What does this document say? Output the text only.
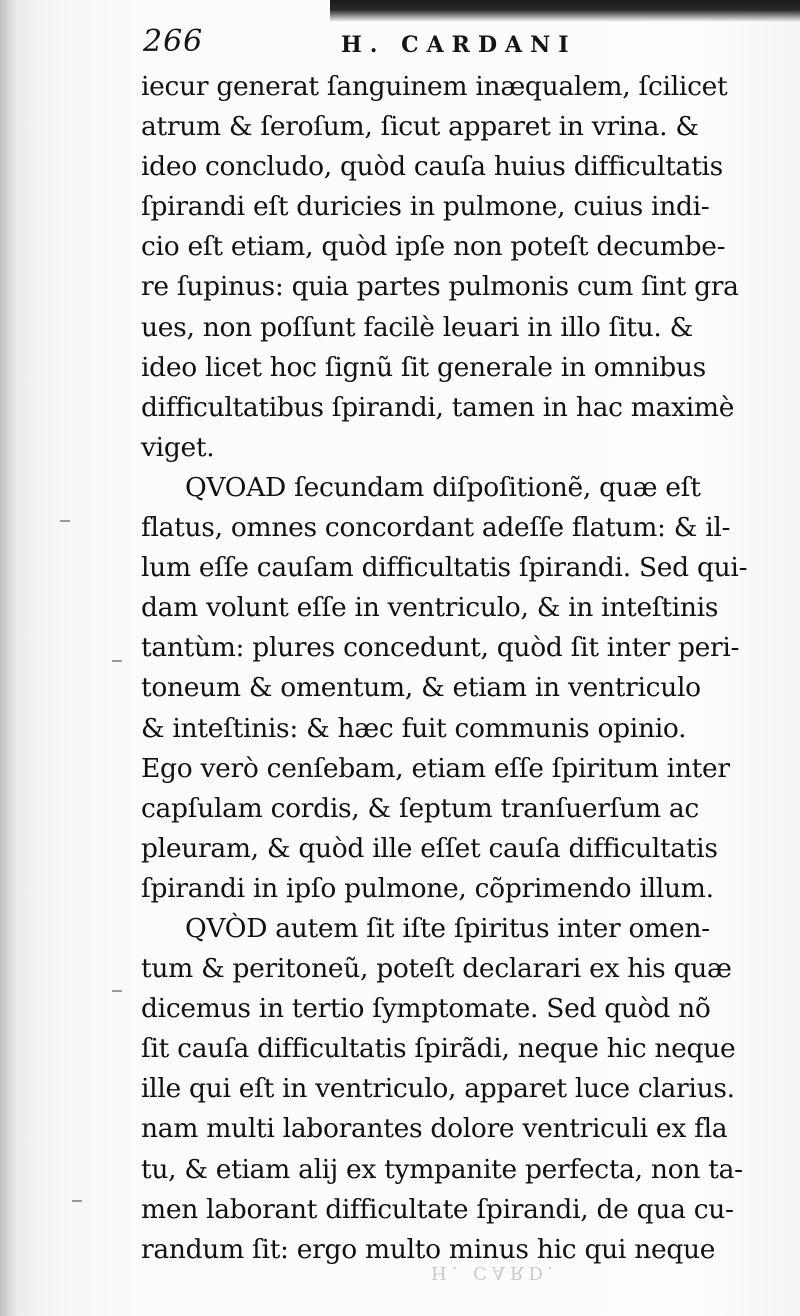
266	H. CARDANI
iecur generat ſanguinem inæqualem, ſcilicet
atrum & ſeroſum, ſicut apparet in vrina. &
ideo concludo, quòd cauſa huius difficultatis
ſpirandi eſt duricies in pulmone, cuius indi-
cio eſt etiam, quòd ipſe non poteſt decumbe-
re ſupinus: quia partes pulmonis cum ſint gra
ues, non poſſunt facilè leuari in illo ſitu. &
ideo licet hoc ſignũ ſit generale in omnibus
difficultatibus ſpirandi, tamen in hac maximè
viget.
QVOAD ſecundam diſpoſitionẽ, quæ eſt
flatus, omnes concordant adeſſe flatum: & il-
lum eſſe cauſam difficultatis ſpirandi. Sed qui-
dam volunt eſſe in ventriculo, & in inteſtinis
tantùm: plures concedunt, quòd ſit inter peri-
toneum & omentum, & etiam in ventriculo
& inteſtinis: & hæc fuit communis opinio.
Ego verò cenſebam, etiam eſſe ſpiritum inter
capſulam cordis, & ſeptum tranſuerſum ac
pleuram, & quòd ille eſſet cauſa difficultatis
ſpirandi in ipſo pulmone, cõprimendo illum.
QVÒD autem ſit iſte ſpiritus inter omen-
tum & peritoneũ, poteſt declarari ex his quæ
dicemus in tertio ſymptomate. Sed quòd nõ
ſit cauſa difficultatis ſpirãdi, neque hic neque
ille qui eſt in ventriculo, apparet luce clarius.
nam multi laborantes dolore ventriculi ex fla
tu, & etiam alij ex tympanite perfecta, non ta-
men laborant difficultate ſpirandi, de qua cu-
randum ſit: ergo multo minus hic qui neque
H. CARD.
